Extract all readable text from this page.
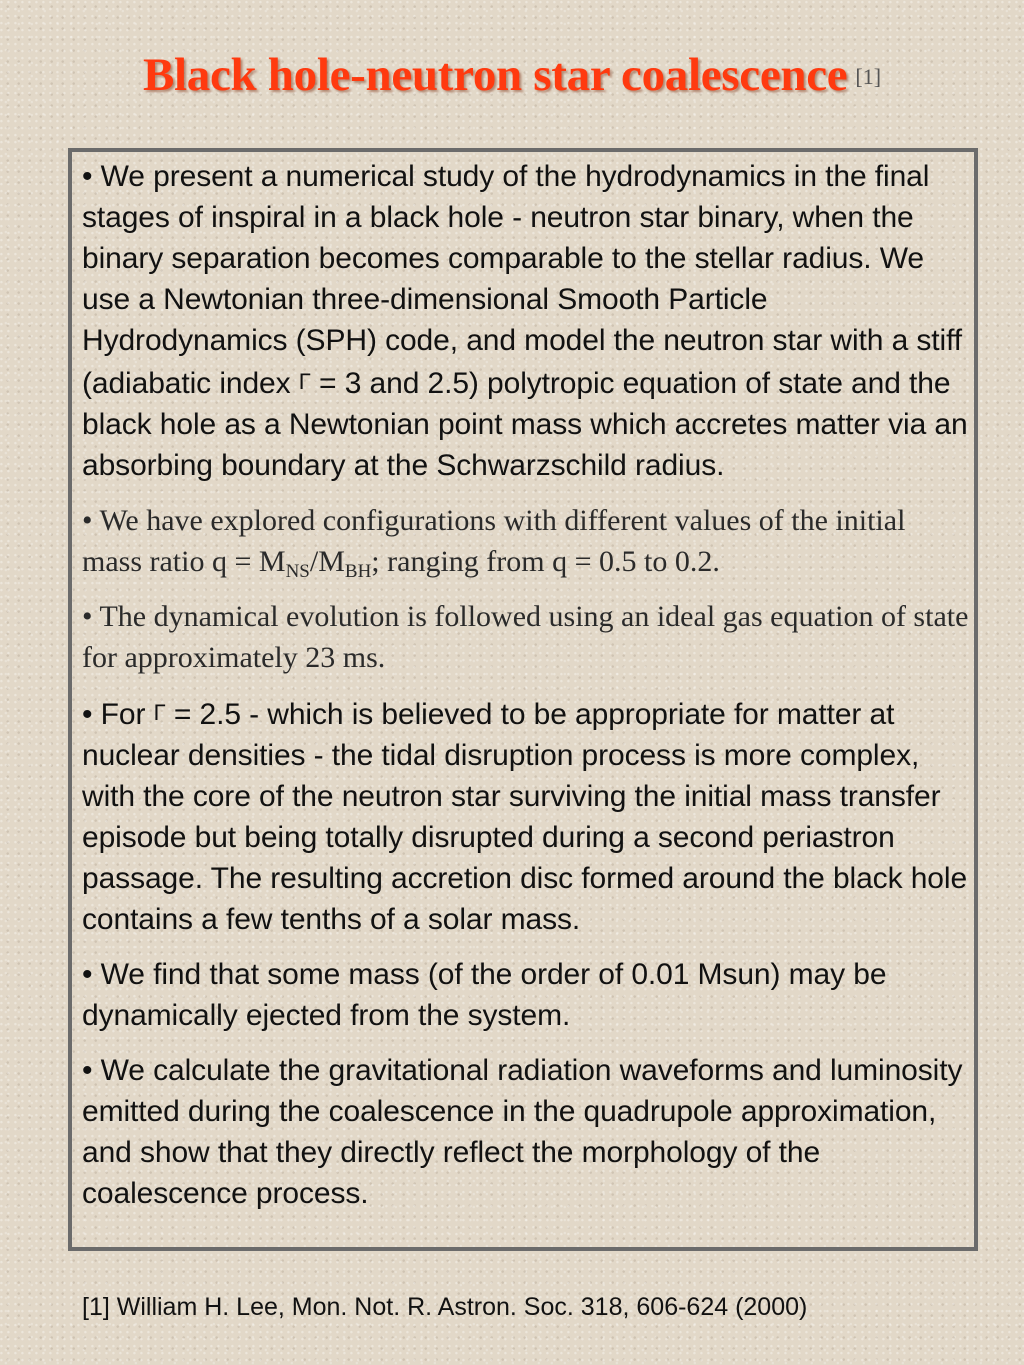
Black hole-neutron star coalescence [1]

• We present a numerical study of the hydrodynamics in the final stages of inspiral in a black hole - neutron star binary, when the binary separation becomes comparable to the stellar radius. We use a Newtonian three-dimensional Smooth Particle Hydrodynamics (SPH) code, and model the neutron star with a stiff (adiabatic index Γ = 3 and 2.5) polytropic equation of state and the black hole as a Newtonian point mass which accretes matter via an absorbing boundary at the Schwarzschild radius.

• We have explored configurations with different values of the initial mass ratio $q = M_{NS}/M_{BH}$; ranging from q = 0.5 to 0.2.

• The dynamical evolution is followed using an ideal gas equation of state for approximately 23 ms.

• For Γ = 2.5 - which is believed to be appropriate for matter at nuclear densities - the tidal disruption process is more complex, with the core of the neutron star surviving the initial mass transfer episode but being totally disrupted during a second periastron passage. The resulting accretion disc formed around the black hole contains a few tenths of a solar mass.

• We find that some mass (of the order of 0.01 Msun) may be dynamically ejected from the system.

• We calculate the gravitational radiation waveforms and luminosity emitted during the coalescence in the quadrupole approximation, and show that they directly reflect the morphology of the coalescence process.

[1] William H. Lee, Mon. Not. R. Astron. Soc. 318, 606-624 (2000)
